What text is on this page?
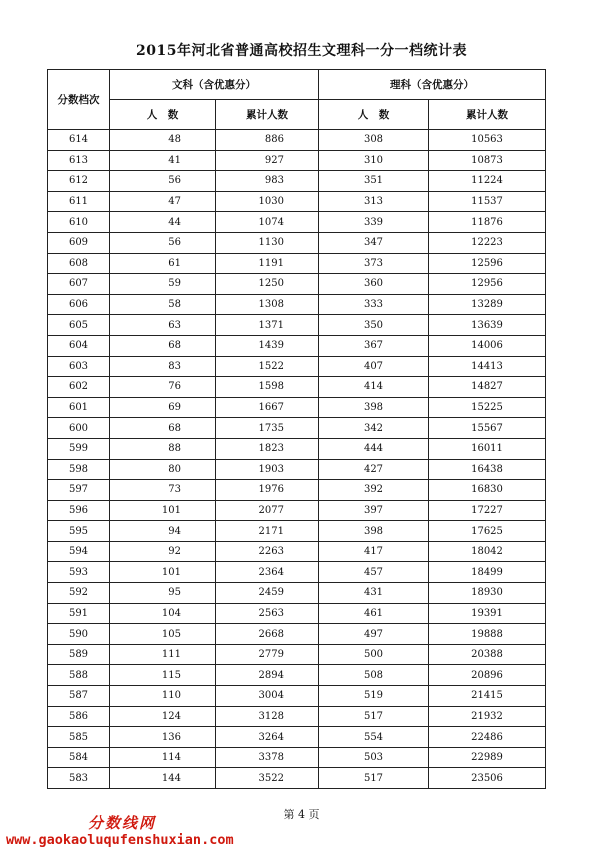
2015年河北省普通高校招生文理科一分一档统计表
分数档次	文科（含优惠分）		理科（含优惠分）	
	人　数	累计人数	人　数	累计人数
614	48	886	308	10563
613	41	927	310	10873
612	56	983	351	11224
611	47	1030	313	11537
610	44	1074	339	11876
609	56	1130	347	12223
608	61	1191	373	12596
607	59	1250	360	12956
606	58	1308	333	13289
605	63	1371	350	13639
604	68	1439	367	14006
603	83	1522	407	14413
602	76	1598	414	14827
601	69	1667	398	15225
600	68	1735	342	15567
599	88	1823	444	16011
598	80	1903	427	16438
597	73	1976	392	16830
596	101	2077	397	17227
595	94	2171	398	17625
594	92	2263	417	18042
593	101	2364	457	18499
592	95	2459	431	18930
591	104	2563	461	19391
590	105	2668	497	19888
589	111	2779	500	20388
588	115	2894	508	20896
587	110	3004	519	21415
586	124	3128	517	21932
585	136	3264	554	22486
584	114	3378	503	22989
583	144	3522	517	23506
第 4 页
分数线网
www.gaokaoluqufenshuxian.com
